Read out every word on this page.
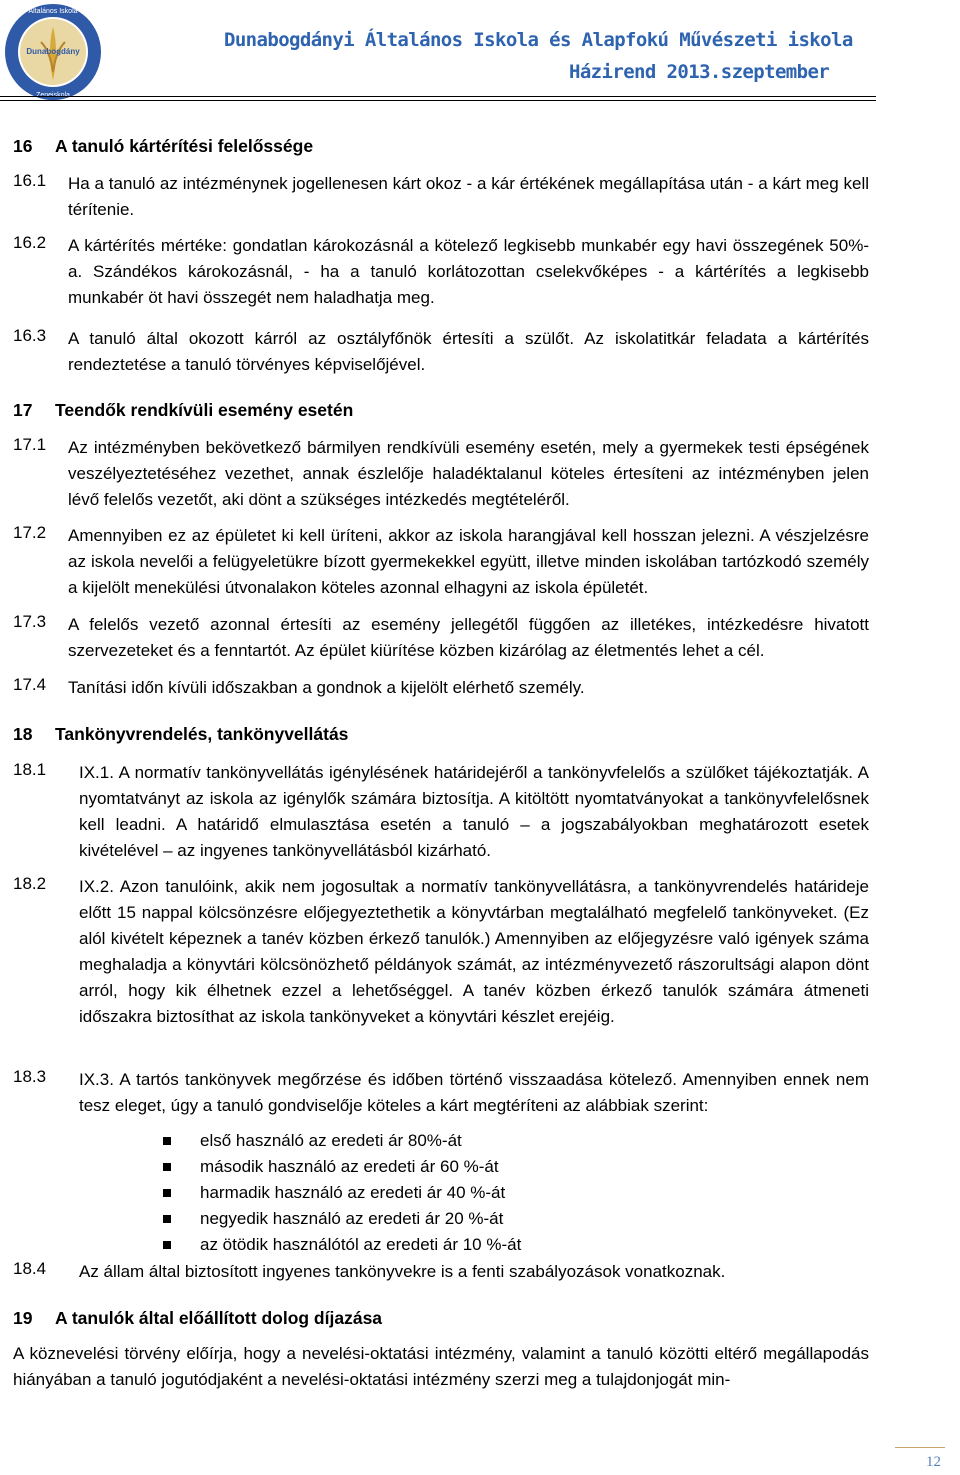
Dunabogdány
Általános Iskola
Zeneiskola
Dunabogdányi Általános Iskola és Alapfokú Művészeti iskola
Házirend 2013.szeptember
16 A tanuló kártérítési felelőssége
16.1 Ha a tanuló az intézménynek jogellenesen kárt okoz - a kár értékének megállapítása után - a kárt meg kell térítenie.
16.2 A kártérítés mértéke: gondatlan károkozásnál a kötelező legkisebb munkabér egy havi összegének 50%-a. Szándékos károkozásnál, - ha a tanuló korlátozottan cselekvőképes - a kártérítés a legkisebb munkabér öt havi összegét nem haladhatja meg.
16.3 A tanuló által okozott kárról az osztályfőnök értesíti a szülőt. Az iskolatitkár feladata a kártérítés rendeztetése a tanuló törvényes képviselőjével.
17 Teendők rendkívüli esemény esetén
17.1 Az intézményben bekövetkező bármilyen rendkívüli esemény esetén, mely a gyermekek testi épségének veszélyeztetéséhez vezethet, annak észlelője haladéktalanul köteles értesíteni az intézményben jelen lévő felelős vezetőt, aki dönt a szükséges intézkedés megtételéről.
17.2 Amennyiben ez az épületet ki kell üríteni, akkor az iskola harangjával kell hosszan jelezni. A vészjelzésre az iskola nevelői a felügyeletükre bízott gyermekekkel együtt, illetve minden iskolában tartózkodó személy a kijelölt menekülési útvonalakon köteles azonnal elhagyni az iskola épületét.
17.3 A felelős vezető azonnal értesíti az esemény jellegétől függően az illetékes, intézkedésre hivatott szervezeteket és a fenntartót. Az épület kiürítése közben kizárólag az életmentés lehet a cél.
17.4 Tanítási időn kívüli időszakban a gondnok a kijelölt elérhető személy.
18 Tankönyvrendelés, tankönyvellátás
18.1 IX.1. A normatív tankönyvellátás igénylésének határidejéről a tankönyvfelelős a szülőket tájékoztatják. A nyomtatványt az iskola az igénylők számára biztosítja. A kitöltött nyomtatványokat a tankönyvfelelősnek kell leadni. A határidő elmulasztása esetén a tanuló – a jogszabályokban meghatározott esetek kivételével – az ingyenes tankönyvellátásból kizárható.
18.2 IX.2. Azon tanulóink, akik nem jogosultak a normatív tankönyvellátásra, a tankönyvrendelés határideje előtt 15 nappal kölcsönzésre előjegyeztethetik a könyvtárban megtalálható megfelelő tankönyveket. (Ez alól kivételt képeznek a tanév közben érkező tanulók.) Amennyiben az előjegyzésre való igények száma meghaladja a könyvtári kölcsönözhető példányok számát, az intézményvezető rászorultsági alapon dönt arról, hogy kik élhetnek ezzel a lehetőséggel. A tanév közben érkező tanulók számára átmeneti időszakra biztosíthat az iskola tankönyveket a könyvtári készlet erejéig.
18.3 IX.3. A tartós tankönyvek megőrzése és időben történő visszaadása kötelező. Amennyiben ennek nem tesz eleget, úgy a tanuló gondviselője köteles a kárt megtéríteni az alábbiak szerint:
első használó az eredeti ár 80%-át
második használó az eredeti ár 60 %-át
harmadik használó az eredeti ár 40 %-át
negyedik használó az eredeti ár 20 %-át
az ötödik használótól az eredeti ár 10 %-át
18.4 Az állam által biztosított ingyenes tankönyvekre is a fenti szabályozások vonatkoznak.
19 A tanulók által előállított dolog díjazása
A köznevelési törvény előírja, hogy a nevelési-oktatási intézmény, valamint a tanuló közötti eltérő megállapodás hiányában a tanuló jogutódjaként a nevelési-oktatási intézmény szerzi meg a tulajdonjogát min-
12
